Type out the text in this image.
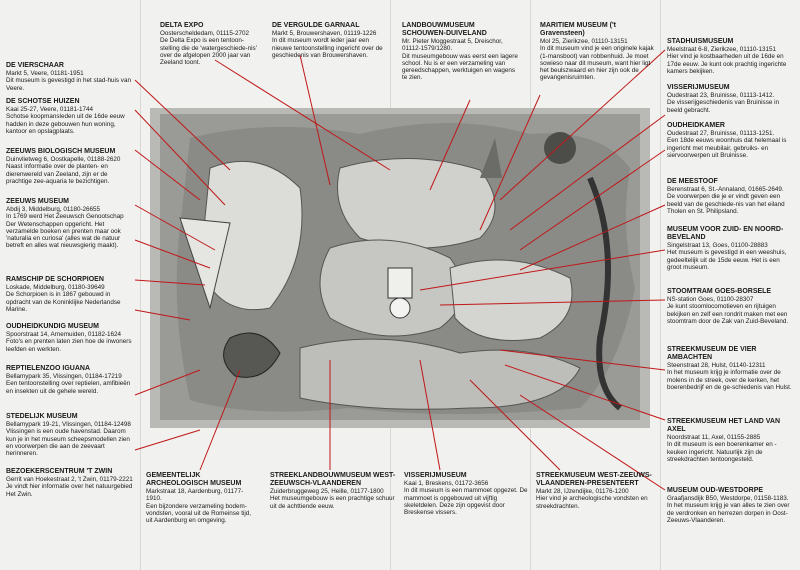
DE VIERSCHAAR
Markt 5, Veere, 01181-1951
Dit museum is gevestigd in het stad-huis van Veere.
DE SCHOTSE HUIZEN
Kaai 25-27, Veere, 01181-1744
Schotse koopmansleden uit de 16de eeuw hadden in deze gebouwen hun woning, kantoor en opslagplaats.
ZEEUWS BIOLOGISCH MUSEUM
Duinvlietweg 6, Oostkapelle, 01188-2620
Naast informatie over de planten- en dierenwereld van Zeeland, zijn er de prachtige zee-aquaria te bezichtigen.
ZEEUWS MUSEUM
Abdij 3, Middelburg, 01180-26655
In 1769 werd Het Zeeuwsch Genootschap Der Wetenschappen opgericht. Het verzamelde boeken en prenten maar ook 'naturalia en curiosa' (alles wat de natuur betreft en alles wat nieuwsgierig maakt).
RAMSCHIP DE SCHORPIOEN
Loskade, Middelburg, 01180-39649
De Schorpioen is in 1867 gebouwd in opdracht van de Koninklijke Nederlandse Marine.
OUDHEIDKUNDIG MUSEUM
Spoorstraat 14, Arnemuiden, 01182-1624
Foto's en prenten laten zien hoe de inwoners leefden en werkten.
REPTIELENZOO IGUANA
Bellamypark 35, Vlissingen, 01184-17219
Een tentoonstelling over reptielen, amfibieën en insekten uit de gehele wereld.
STEDELIJK MUSEUM
Bellamypark 19-21, Vlissingen, 01184-12498
Vlissingen is een oude havenstad. Daarom kun je in het museum scheepsmodellen zien en voorwerpen die aan de zeevaart herinneren.
BEZOEKERSCENTRUM 'T ZWIN
Gerrit van Hoekestraat 2, 't Zwin, 01179-2221
Je vindt hier informatie over het natuurgebied Het Zwin.
DELTA EXPO
Oosterscheldedam, 01115-2702
De Delta Expo is een tentoon-stelling die de 'watergeschiede-nis' over de afgelopen 2000 jaar van Zeeland toont.
DE VERGULDE GARNAAL
Markt 5, Brouwershaven, 01119-1226
In dit museum wordt ieder jaar een nieuwe tentoonstelling ingericht over de geschiedenis van Brouwershaven.
LANDBOUWMUSEUM SCHOUWEN-DUIVELAND
Mr. Pieter Moggestraat 5, Dreischor, 01112-1579/1280.
Dit museumgebouw was eerst een lagere school. Nu is er een verzameling van gereedschappen, werktuigen en wagens te zien.
MARITIEM MUSEUM ('t Gravensteen)
Mol 25, Zierikzee, 01110-13151
In dit museum vind je een originele kajak (1-mansboot) van robbenhuid. Je moet sowieso naar dit museum, want hier ligt het beulszwaard en hier zijn ook de gevangenisruimten.
STADHUISMUSEUM
Meelstraat 6-8, Zierikzee, 01110-13151
Hier vind je kostbaarheden uit de 16de en 17de eeuw. Je kunt ook prachtig ingerichte kamers bekijken.
VISSERIJMUSEUM
Oudestraat 23, Bruinisse, 01113-1412.
De visserijgeschiedenis van Bruinisse in beeld gebracht.
OUDHEIDKAMER
Oudestraat 27, Bruinisse, 01113-1251.
Een 18de eeuws woonhuis dat helemaal is ingericht met meubilair, gebruiks- en siervoorwerpen uit Bruinisse.
DE MEESTOOF
Berenstraat 6, St.-Annaland, 01665-2649.
De voorwerpen die je er vindt geven een beeld van de geschiede-nis van het eiland Tholen en St. Philipsland.
MUSEUM VOOR ZUID- EN NOORD-BEVELAND
Singelstraat 13, Goes, 01100-28883
Het museum is gevestigd in een weeshuis, gedeeltelijk uit de 15de eeuw. Het is een groot museum.
STOOMTRAM GOES-BORSELE
NS-station Goes, 01100-28307
Je kunt stoomlocomotieven en rijtuigen bekijken en zelf een rondrit maken met een stoomtram door de Zak van Zuid-Beveland.
STREEKMUSEUM DE VIER AMBACHTEN
Steenstraat 28, Hulst, 01140-12311
In het museum krijg je informatie over de molens in de streek, over de kerken, het boerenbedrijf en de ge-schiedenis van Hulst.
STREEKMUSEUM HET LAND VAN AXEL
Noordstraat 11, Axel, 01155-2885
In dit museum is een boerenkamer en -keuken ingericht. Natuurlijk zijn de streekdrachten tentoongesteld.
MUSEUM OUD-WESTDORPE
Graafjansdijk B50, Westdorpe, 01158-1183.
In het museum krijg je van alles te zien over de verdronken en herrezen dorpen in Oost-Zeeuws-Vlaanderen.
GEMEENTELIJK ARCHEOLOGISCH MUSEUM
Markstraat 18, Aardenburg, 01177-1910.
Een bijzondere verzameling bodem-vondsten, vooral uit de Romeinse tijd, uit Aardenburg en omgeving.
STREEKLANDBOUWMUSEUM WEST-ZEEUWSCH-VLAANDEREN
Zuiderbruggeweg 25, Heille, 01177-1800
Het museumgebouw is een prachtige schuur uit de achttiende eeuw.
VISSERIJMUSEUM
Kaai 1, Breskens, 01172-3656
In dit museum is een mammoet opgezet. De mammoet is opgebouwd uit vijftig skeletdelen. Deze zijn opgevist door Breskense vissers.
STREEKMUSEUM WEST-ZEEUWS-VLAANDEREN-PRESENTEERT
Markt 28, IJzendijke, 01176-1200
Hier vind je archeologische vondsten en streekdrachten.
